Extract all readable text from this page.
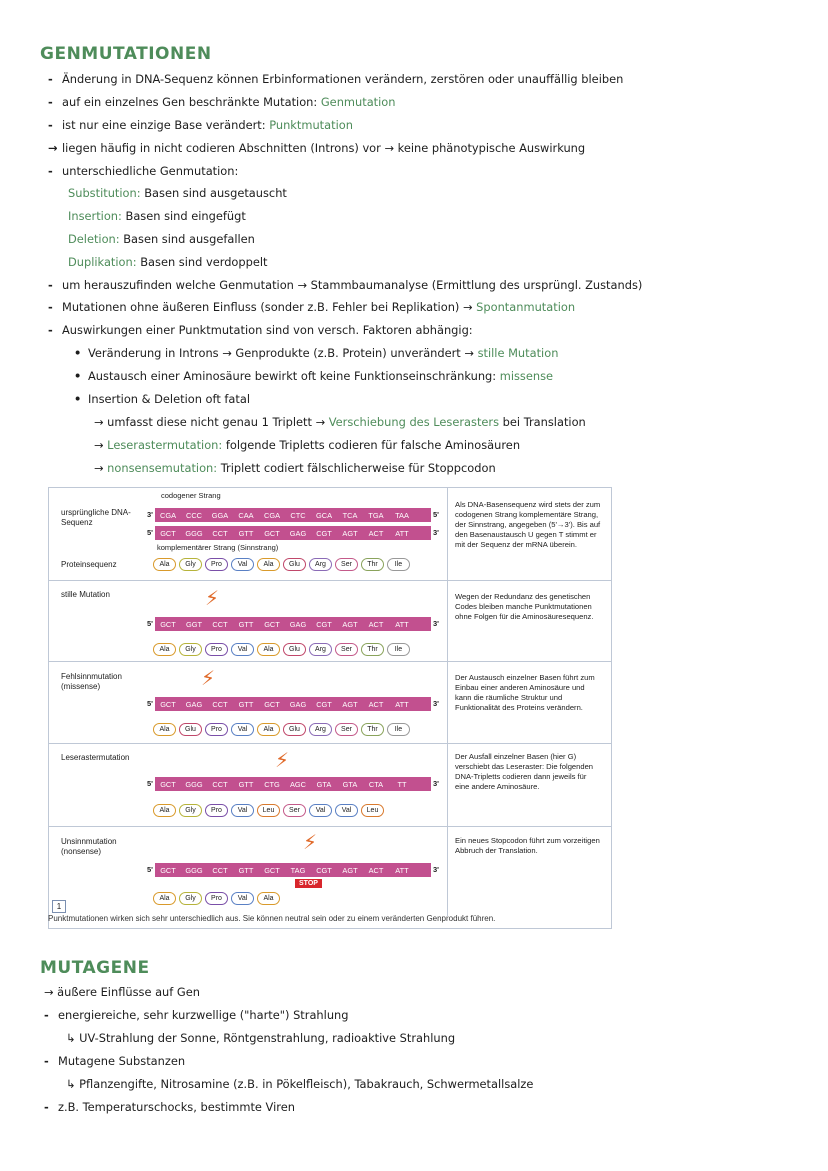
GENMUTATIONEN
- Änderung in DNA-Sequenz können Erbinformationen verändern, zerstören oder unauffällig bleiben
- auf ein einzelnes Gen beschränkte Mutation: Genmutation
- ist nur eine einzige Base verändert: Punktmutation
→ liegen häufig in nicht codieren Abschnitten (Introns) vor → keine phänotypische Auswirkung
- unterschiedliche Genmutation:
Substitution: Basen sind ausgetauscht
Insertion: Basen sind eingefügt
Deletion: Basen sind ausgefallen
Duplikation: Basen sind verdoppelt
- um herauszufinden welche Genmutation → Stammbaumanalyse (Ermittlung des ursprüngl. Zustands)
- Mutationen ohne äußeren Einfluss (sonder z.B. Fehler bei Replikation) → Spontanmutation
- Auswirkungen einer Punktmutation sind von versch. Faktoren abhängig:
• Veränderung in Introns → Genprodukte (z.B. Protein) unverändert → stille Mutation
• Austausch einer Aminosäure bewirkt oft keine Funktionseinschränkung: missense
• Insertion & Deletion oft fatal
→ umfasst diese nicht genau 1 Triplett → Verschiebung des Leserasters bei Translation
→ Leserastermutation: folgende Tripletts codieren für falsche Aminosäuren
→ nonsensemutation: Triplett codiert fälschlicherweise für Stoppcodon
codogener Strang
ursprüngliche DNA-Sequenz
3' CGA	CCC	GGA	CAA	CGA	CTC	GCA	TCA	TGA	TAA	5'
5' GCT	GGG	CCT	GTT	GCT	GAG	CGT	AGT	ACT	ATT	3'
komplementärer Strang (Sinnstrang)
Proteinsequenz	Ala	Gly	Pro	Val	Ala	Glu	Arg	Ser	Thr	Ile
Als DNA-Basensequenz wird stets der zum codogenen Strang komplementäre Strang, der Sinnstrang, angegeben (5'→3'). Bis auf den Basenaustausch U gegen T stimmt er mit der Sequenz der mRNA überein.
stille Mutation	⚡
5' GCT	GGT	CCT	GTT	GCT	GAG	CGT	AGT	ACT	ATT	3'
Ala	Gly	Pro	Val	Ala	Glu	Arg	Ser	Thr	Ile
Wegen der Redundanz des genetischen Codes bleiben manche Punktmutationen ohne Folgen für die Aminosäuresequenz.
Fehlsinnmutation (missense)	⚡
5' GCT	GAG	CCT	GTT	GCT	GAG	CGT	AGT	ACT	ATT	3'
Ala	Glu	Pro	Val	Ala	Glu	Arg	Ser	Thr	Ile
Der Austausch einzelner Basen führt zum Einbau einer anderen Aminosäure und kann die räumliche Struktur und Funktionalität des Proteins verändern.
Leserastermutation	⚡
5' GCT	GGG	CCT	GTT	CTG	AGC	GTA	GTA	CTA	TT	3'
Ala	Gly	Pro	Val	Leu	Ser	Val	Val	Leu
Der Ausfall einzelner Basen (hier G) verschiebt das Leseraster: Die folgenden DNA-Tripletts codieren dann jeweils für eine andere Aminosäure.
Unsinnmutation (nonsense)	⚡
5' GCT	GGG	CCT	GTT	GCT	TAG	CGT	AGT	ACT	ATT	3'
STOP
Ala	Gly	Pro	Val	Ala
Ein neues Stopcodon führt zum vorzeitigen Abbruch der Translation.
1
Punktmutationen wirken sich sehr unterschiedlich aus. Sie können neutral sein oder zu einem veränderten Genprodukt führen.
MUTAGENE
→ äußere Einflüsse auf Gen
- energiereiche, sehr kurzwellige ("harte") Strahlung
↳ UV-Strahlung der Sonne, Röntgenstrahlung, radioaktive Strahlung
- Mutagene Substanzen
↳ Pflanzengifte, Nitrosamine (z.B. in Pökelfleisch), Tabakrauch, Schwermetallsalze
- z.B. Temperaturschocks, bestimmte Viren
